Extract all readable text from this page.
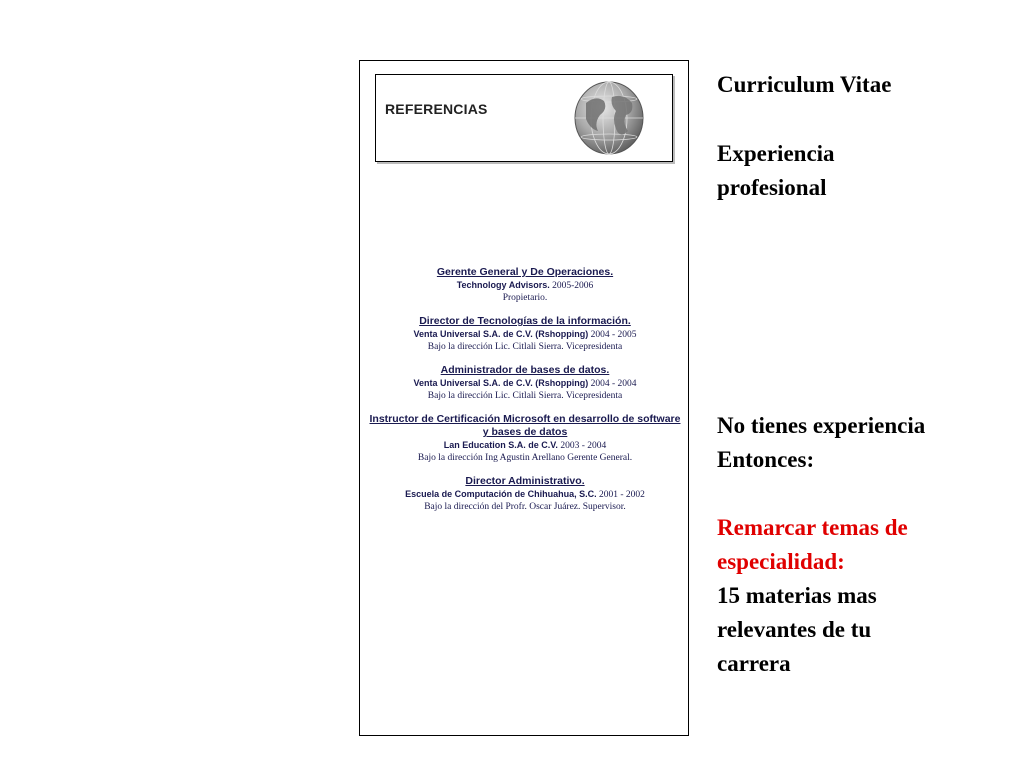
REFERENCIAS
Gerente General y De Operaciones.
Technology Advisors. 2005-2006
Propietario.
Director de Tecnologías de la información.
Venta Universal S.A. de C.V. (Rshopping) 2004 - 2005
Bajo la dirección Lic. Citlali Sierra. Vicepresidenta
Administrador de bases de datos.
Venta Universal S.A. de C.V. (Rshopping) 2004 - 2004
Bajo la dirección Lic. Citlali Sierra. Vicepresidenta
Instructor de Certificación Microsoft en desarrollo de software y bases de datos
Lan Education S.A. de C.V. 2003 - 2004
Bajo la dirección Ing Agustin Arellano Gerente General.
Director Administrativo.
Escuela de Computación de Chihuahua, S.C. 2001 - 2002
Bajo la dirección del Profr. Oscar Juárez. Supervisor.
Curriculum Vitae
Experiencia profesional
No tienes experiencia
Entonces:
Remarcar temas de especialidad:
15 materias mas relevantes de tu carrera
